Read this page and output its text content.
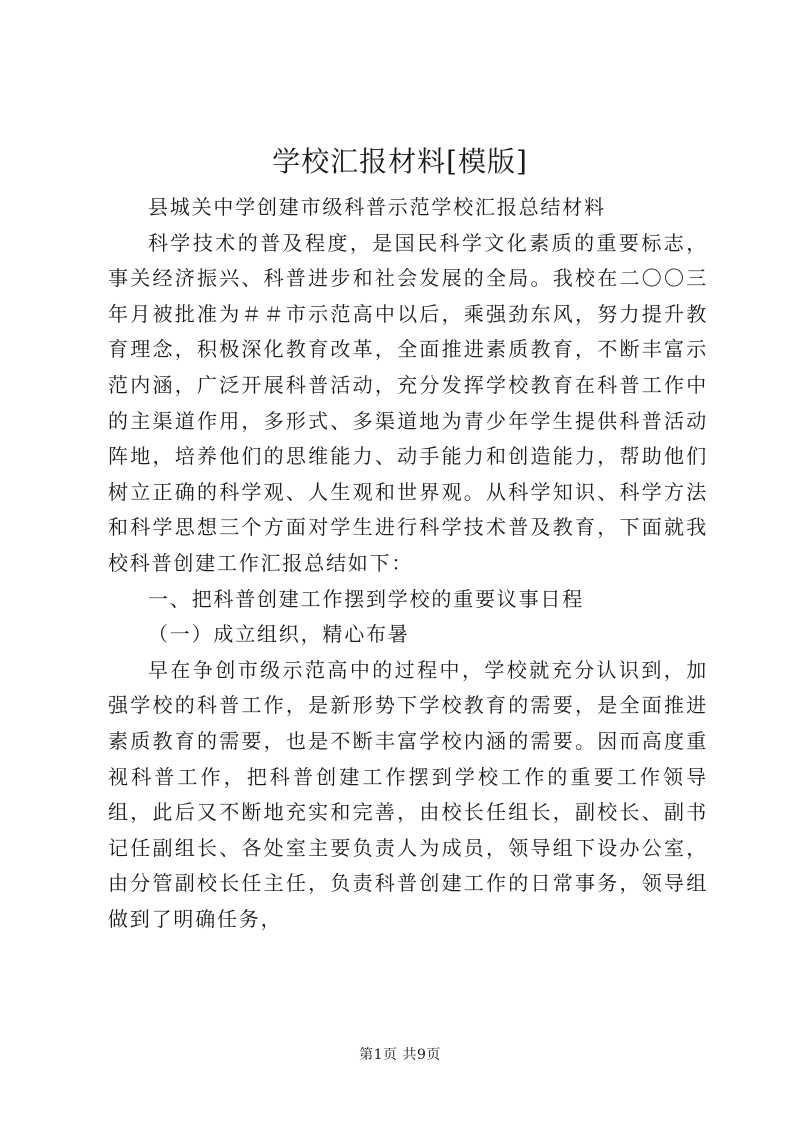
学校汇报材料[模版]

县城关中学创建市级科普示范学校汇报总结材料

科学技术的普及程度，是国民科学文化素质的重要标志，事关经济振兴、科普进步和社会发展的全局。我校在二〇〇三年月被批准为＃＃市示范高中以后，乘强劲东风，努力提升教育理念，积极深化教育改革，全面推进素质教育，不断丰富示范内涵，广泛开展科普活动，充分发挥学校教育在科普工作中的主渠道作用，多形式、多渠道地为青少年学生提供科普活动阵地，培养他们的思维能力、动手能力和创造能力，帮助他们树立正确的科学观、人生观和世界观。从科学知识、科学方法和科学思想三个方面对学生进行科学技术普及教育，下面就我校科普创建工作汇报总结如下：

一、把科普创建工作摆到学校的重要议事日程

（一）成立组织，精心布暑

早在争创市级示范高中的过程中，学校就充分认识到，加强学校的科普工作，是新形势下学校教育的需要，是全面推进素质教育的需要，也是不断丰富学校内涵的需要。因而高度重视科普工作，把科普创建工作摆到学校工作的重要工作领导组，此后又不断地充实和完善，由校长任组长，副校长、副书记任副组长、各处室主要负责人为成员，领导组下设办公室，由分管副校长任主任，负责科普创建工作的日常事务，领导组做到了明确任务，

第1页 共9页
